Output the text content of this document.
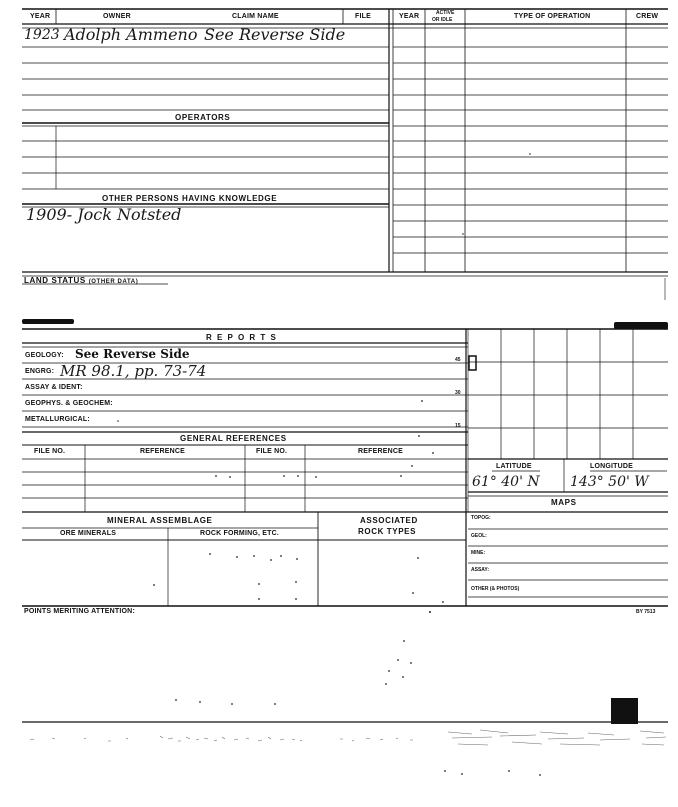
YEAR	OWNER	CLAIM NAME	FILE	YEAR	ACTIVE
OR IDLE	TYPE OF OPERATION	CREW
1923 Adolph Ammeno See Reverse Side
OPERATORS
OTHER PERSONS HAVING KNOWLEDGE
1909- Jock Notsted
LAND STATUS (OTHER DATA)
R E P O R T S
GEOLOGY: See Reverse Side
ENGRG: MR 98.1, pp. 73-74
ASSAY & IDENT:
GEOPHYS. & GEOCHEM:
METALLURGICAL:
45
30
15
GENERAL REFERENCES
FILE NO.	REFERENCE	FILE NO.	REFERENCE
LATITUDE	LONGITUDE
61° 40' N 143° 50' W
MAPS
TOPOG:
GEOL:
MINE:
ASSAY:
OTHER (& PHOTOS)
MINERAL ASSEMBLAGE
ORE MINERALS	ROCK FORMING, ETC.
ASSOCIATED
ROCK TYPES
POINTS MERITING ATTENTION:	BY 7513
